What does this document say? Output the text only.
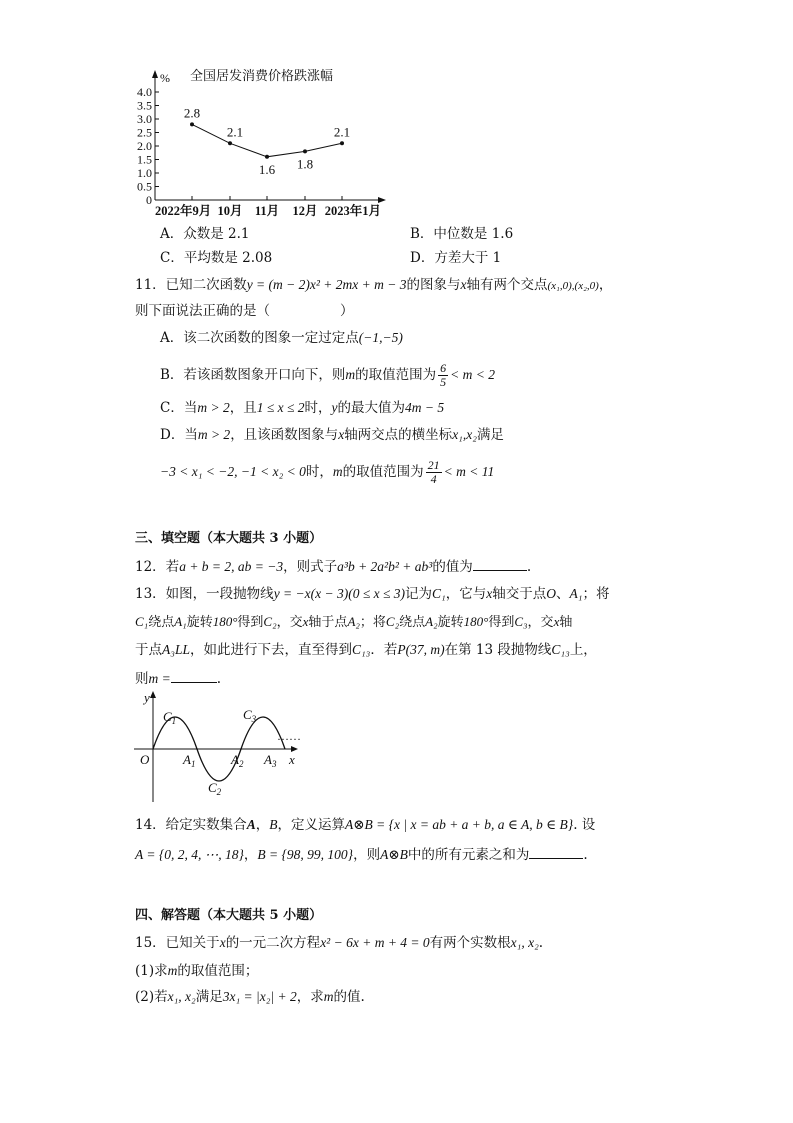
0
0.5
1.0
1.5
2.0
2.5
3.0
3.5
4.0
% 全国居发消费价格跌涨幅
2022年9月 10月 11月 12月 2023年1月
2.8
2.1
1.6 1.8
2.1
A．众数是 2.1	B．中位数是 1.6
C．平均数是 2.08	D．方差大于 1
11．已知二次函数y = (m − 2)x² + 2mx + m − 3的图象与x轴有两个交点(x₁,0),(x₂,0)，
则下面说法正确的是（	）
A．该二次函数的图象一定过定点(−1,−5)
B．若该函数图象开口向下，则m的取值范围为 $\frac{6}{5} < m < 2$
C．当m > 2，且1 ≤ x ≤ 2时，y的最大值为4m − 5
D．当m > 2，且该函数图象与x轴两交点的横坐标x₁,x₂满足
−3 < x₁ < −2, −1 < x₂ < 0时，m的取值范围为 $\frac{21}{4} < m < 11$
三、填空题（本大题共 3 小题）
12．若a + b = 2, ab = −3，则式子a³b + 2a²b² + ab³的值为	.
13．如图，一段抛物线y = −x(x − 3)(0 ≤ x ≤ 3)记为C₁，它与x轴交于点O、A₁；将
C₁绕点A₁旋转180°得到C₂，交x轴于点A₂；将C₂绕点A₂旋转180°得到C₃，交x轴
于点A₃LL，如此进行下去，直至得到C₁₃．若P(37, m)在第 13 段抛物线C₁₃上，
则m =	.
y
x
O
$C_1$
$C_2$
$C_3$
$A_1$	$A_2$ $A_3$
……
14．给定实数集合A，B，定义运算A⊗B = {x | x = ab + a + b, a ∈ A, b ∈ B}. 设
A = {0, 2, 4, ⋯, 18}，B = {98, 99, 100}，则A⊗B中的所有元素之和为	.
四、解答题（本大题共 5 小题）
15．已知关于x的一元二次方程x² − 6x + m + 4 = 0有两个实数根x₁, x₂.
(1)求m的取值范围；
(2)若x₁, x₂满足3x₁ = |x₂| + 2，求m的值.
